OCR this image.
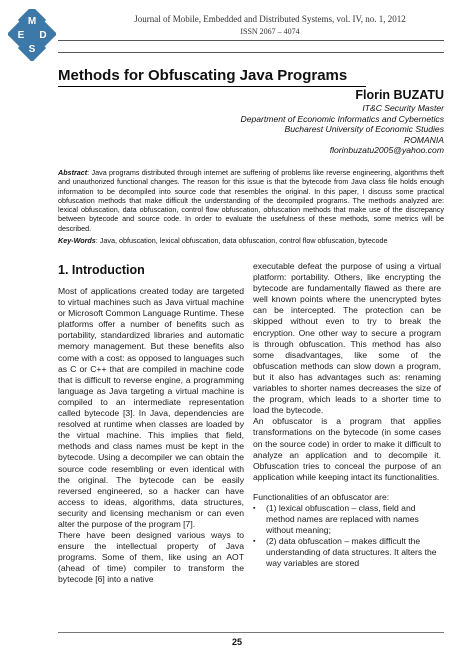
M
E D
S
Journal of Mobile, Embedded and Distributed Systems, vol. IV, no. 1, 2012
ISSN 2067 – 4074
Methods for Obfuscating Java Programs
Florin BUZATU
IT&C Security Master
Department of Economic Informatics and Cybernetics
Bucharest University of Economic Studies
ROMANIA
florinbuzatu2005@yahoo.com
Abstract: Java programs distributed through internet are suffering of problems like reverse engineering, algorithms theft and unauthorized functional changes. The reason for this issue is that the bytecode from Java class file holds enough information to be decompiled into source code that resembles the original. In this paper, I discuss some practical obfuscation methods that make difficult the understanding of the decompiled programs. The methods analyzed are: lexical obfuscation, data obfuscation, control flow obfuscation, obfuscation methods that make use of the discrepancy between bytecode and source code. In order to evaluate the usefulness of these methods, some metrics will be described.
Key-Words: Java, obfuscation, lexical obfuscation, data obfuscation, control flow obfuscation, bytecode
1. Introduction

Most of applications created today are targeted to virtual machines such as Java virtual machine or Microsoft Common Language Runtime. These platforms offer a number of benefits such as portability, standardized libraries and automatic memory management. But these benefits also come with a cost: as opposed to languages such as C or C++ that are compiled in machine code that is difficult to reverse engine, a programming language as Java targeting a virtual machine is compiled to an intermediate representation called bytecode [3]. In Java, dependencies are resolved at runtime when classes are loaded by the virtual machine. This implies that field, methods and class names must be kept in the bytecode. Using a decompiler we can obtain the source code resembling or even identical with the original. The bytecode can be easily reversed engineered, so a hacker can have access to ideas, algorithms, data structures, security and licensing mechanism or can even alter the purpose of the program [7].

There have been designed various ways to ensure the intellectual property of Java programs. Some of them, like using an AOT (ahead of time) compiler to transform the bytecode [6] into a native

executable defeat the purpose of using a virtual platform: portability. Others, like encrypting the bytecode are fundamentally flawed as there are well known points where the unencrypted bytes can be intercepted. The protection can be skipped without even to try to break the encryption. One other way to secure a program is through obfuscation. This method has also some disadvantages, like some of the obfuscation methods can slow down a program, but it also has advantages such as: renaming variables to shorter names decreases the size of the program, which leads to a shorter time to load the bytecode.

An obfuscator is a program that applies transformations on the bytecode (in some cases on the source code) in order to make it difficult to analyze an application and to decompile it. Obfuscation tries to conceal the purpose of an application while keeping intact its functionalities.

Functionalities of an obfuscator are:

▪	(1) lexical obfuscation – class, field and method names are replaced with names without meaning;
▪	(2) data obfuscation – makes difficult the understanding of data structures. It alters the way variables are stored
25
